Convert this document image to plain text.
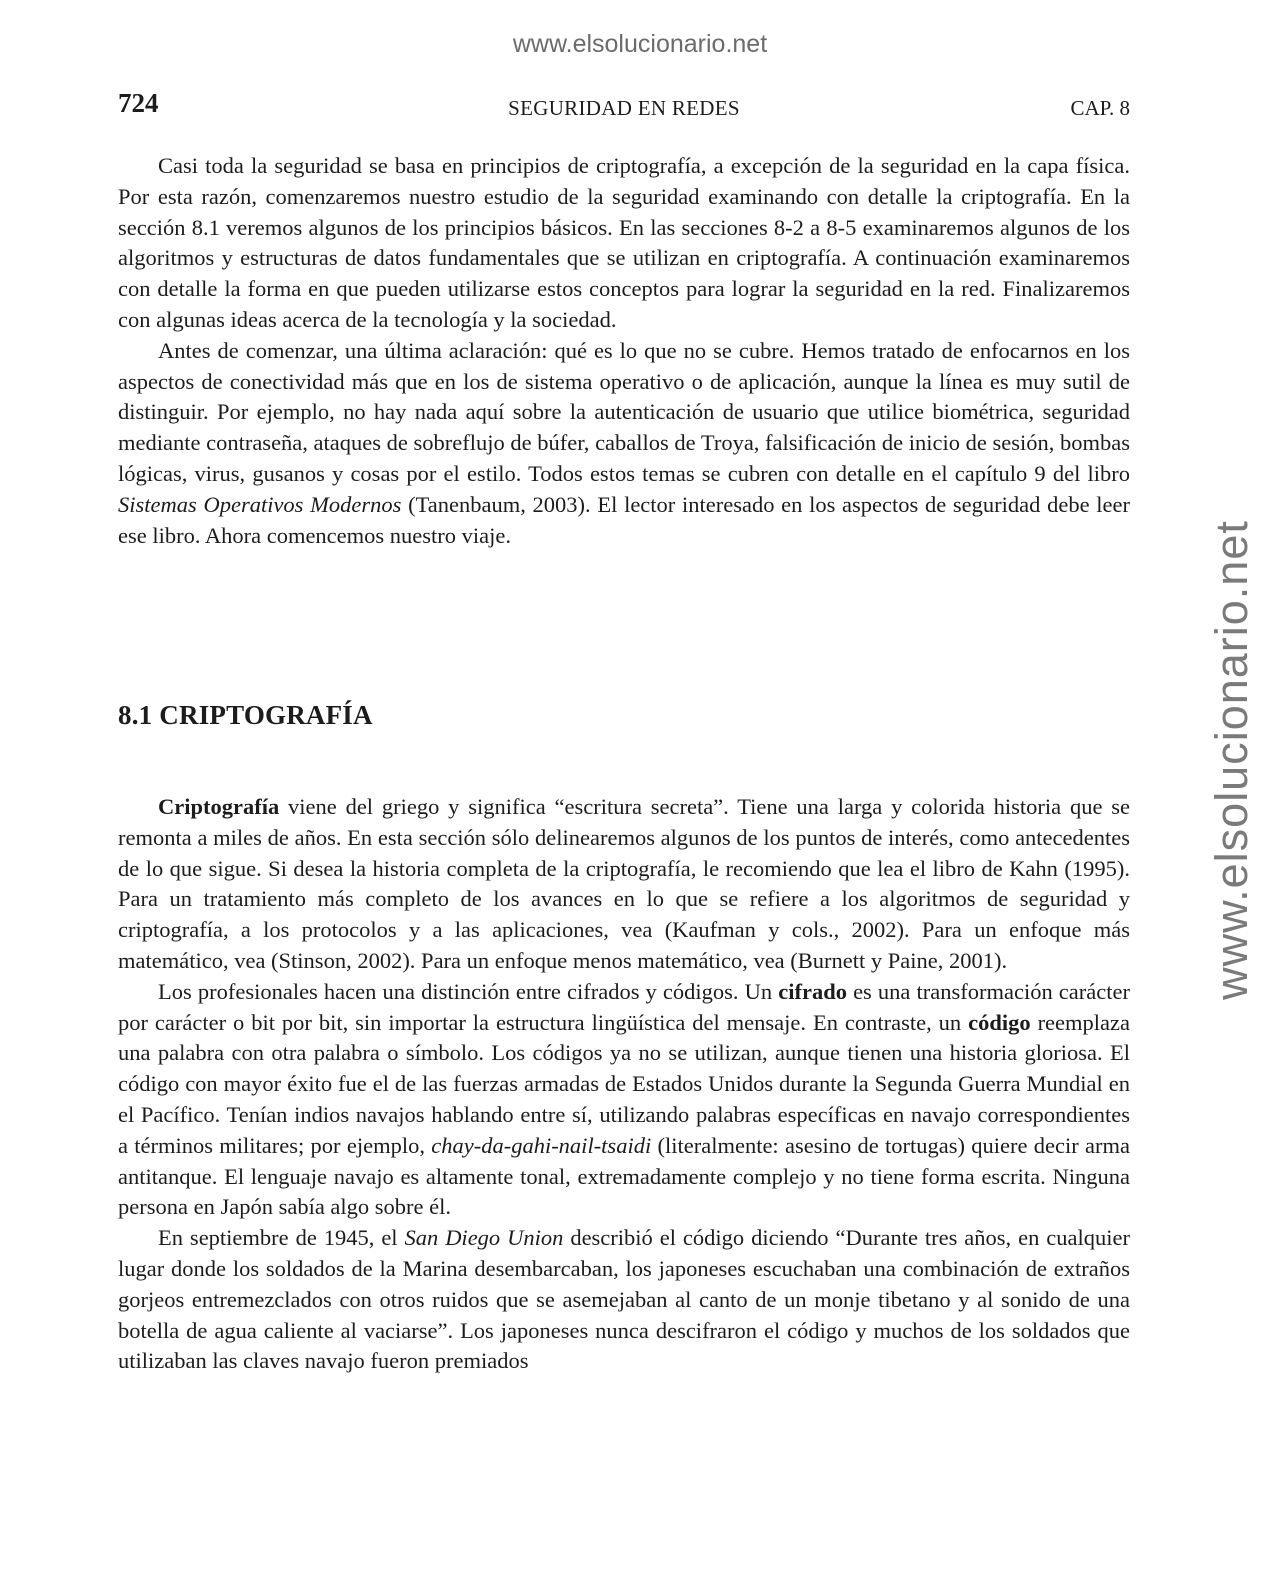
www.elsolucionario.net
www.elsolucionario.net
724	SEGURIDAD EN REDES	CAP. 8

Casi toda la seguridad se basa en principios de criptografía, a excepción de la seguridad en la capa física. Por esta razón, comenzaremos nuestro estudio de la seguridad examinando con detalle la criptografía. En la sección 8.1 veremos algunos de los principios básicos. En las secciones 8-2 a 8-5 examinaremos algunos de los algoritmos y estructuras de datos fundamentales que se utilizan en criptografía. A continuación examinaremos con detalle la forma en que pueden utilizarse estos conceptos para lograr la seguridad en la red. Finalizaremos con algunas ideas acerca de la tecnología y la sociedad.

Antes de comenzar, una última aclaración: qué es lo que no se cubre. Hemos tratado de enfocarnos en los aspectos de conectividad más que en los de sistema operativo o de aplicación, aunque la línea es muy sutil de distinguir. Por ejemplo, no hay nada aquí sobre la autenticación de usuario que utilice biométrica, seguridad mediante contraseña, ataques de sobreflujo de búfer, caballos de Troya, falsificación de inicio de sesión, bombas lógicas, virus, gusanos y cosas por el estilo. Todos estos temas se cubren con detalle en el capítulo 9 del libro Sistemas Operativos Modernos (Tanenbaum, 2003). El lector interesado en los aspectos de seguridad debe leer ese libro. Ahora comencemos nuestro viaje.

8.1 CRIPTOGRAFÍA

Criptografía viene del griego y significa “escritura secreta”. Tiene una larga y colorida historia que se remonta a miles de años. En esta sección sólo delinearemos algunos de los puntos de interés, como antecedentes de lo que sigue. Si desea la historia completa de la criptografía, le recomiendo que lea el libro de Kahn (1995). Para un tratamiento más completo de los avances en lo que se refiere a los algoritmos de seguridad y criptografía, a los protocolos y a las aplicaciones, vea (Kaufman y cols., 2002). Para un enfoque más matemático, vea (Stinson, 2002). Para un enfoque menos matemático, vea (Burnett y Paine, 2001).

Los profesionales hacen una distinción entre cifrados y códigos. Un cifrado es una transformación carácter por carácter o bit por bit, sin importar la estructura lingüística del mensaje. En contraste, un código reemplaza una palabra con otra palabra o símbolo. Los códigos ya no se utilizan, aunque tienen una historia gloriosa. El código con mayor éxito fue el de las fuerzas armadas de Estados Unidos durante la Segunda Guerra Mundial en el Pacífico. Tenían indios navajos hablando entre sí, utilizando palabras específicas en navajo correspondientes a términos militares; por ejemplo, chay-da-gahi-nail-tsaidi (literalmente: asesino de tortugas) quiere decir arma antitanque. El lenguaje navajo es altamente tonal, extremadamente complejo y no tiene forma escrita. Ninguna persona en Japón sabía algo sobre él.

En septiembre de 1945, el San Diego Union describió el código diciendo “Durante tres años, en cualquier lugar donde los soldados de la Marina desembarcaban, los japoneses escuchaban una combinación de extraños gorjeos entremezclados con otros ruidos que se asemejaban al canto de un monje tibetano y al sonido de una botella de agua caliente al vaciarse”. Los japoneses nunca descifraron el código y muchos de los soldados que utilizaban las claves navajo fueron premiados
